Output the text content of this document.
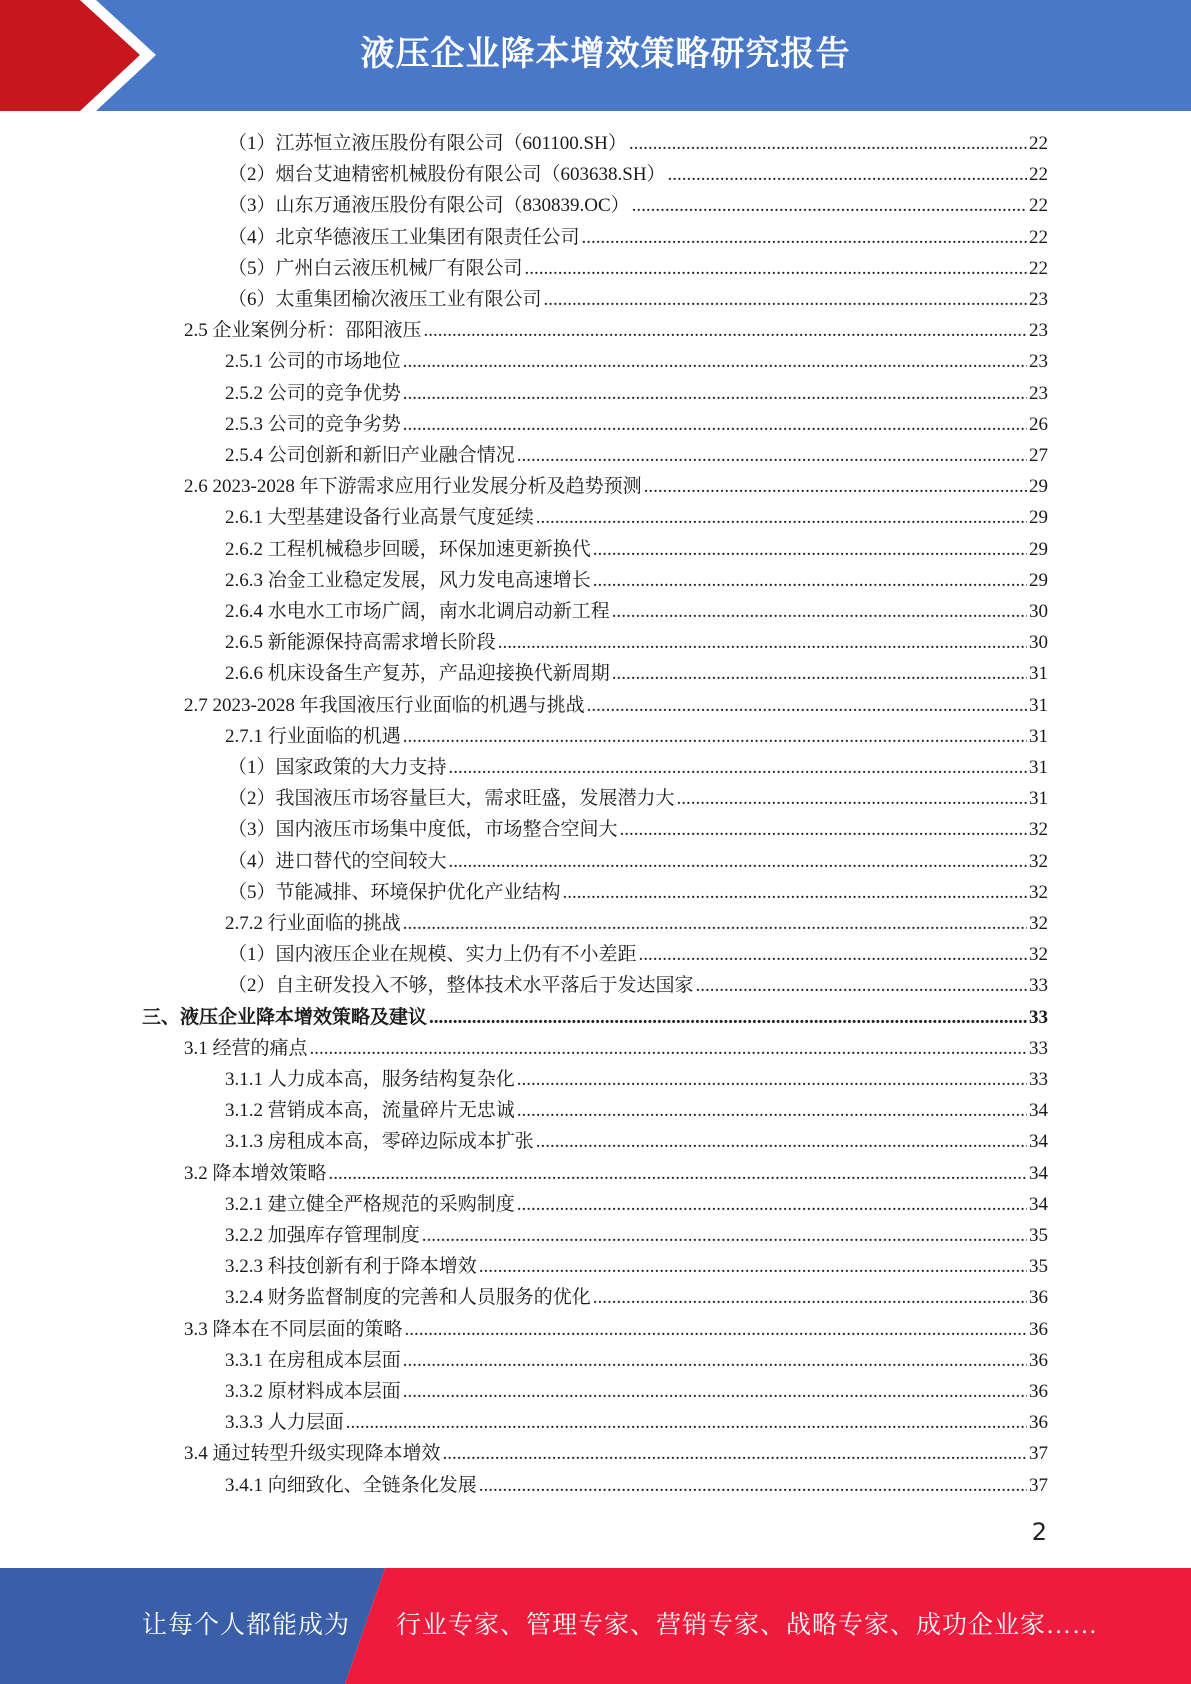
液压企业降本增效策略研究报告
（1）江苏恒立液压股份有限公司（601100.SH） .....	22
（2）烟台艾迪精密机械股份有限公司（603638.SH） .....	22
（3）山东万通液压股份有限公司（830839.OC） .....	22
（4）北京华德液压工业集团有限责任公司 .....	22
（5）广州白云液压机械厂有限公司 .....	22
（6）太重集团榆次液压工业有限公司 .....	23
2.5 企业案例分析：邵阳液压 .....	23
2.5.1 公司的市场地位 .....	23
2.5.2 公司的竞争优势 .....	23
2.5.3 公司的竞争劣势 .....	26
2.5.4 公司创新和新旧产业融合情况 .....	27
2.6 2023-2028 年下游需求应用行业发展分析及趋势预测 .....	29
2.6.1 大型基建设备行业高景气度延续 .....	29
2.6.2 工程机械稳步回暖，环保加速更新换代 .....	29
2.6.3 冶金工业稳定发展，风力发电高速增长 .....	29
2.6.4 水电水工市场广阔，南水北调启动新工程 .....	30
2.6.5 新能源保持高需求增长阶段 .....	30
2.6.6 机床设备生产复苏，产品迎接换代新周期 .....	31
2.7 2023-2028 年我国液压行业面临的机遇与挑战 .....	31
2.7.1 行业面临的机遇 .....	31
（1）国家政策的大力支持 .....	31
（2）我国液压市场容量巨大，需求旺盛，发展潜力大 .....	31
（3）国内液压市场集中度低，市场整合空间大 .....	32
（4）进口替代的空间较大 .....	32
（5）节能减排、环境保护优化产业结构 .....	32
2.7.2 行业面临的挑战 .....	32
（1）国内液压企业在规模、实力上仍有不小差距 .....	32
（2）自主研发投入不够，整体技术水平落后于发达国家 .....	33
三、液压企业降本增效策略及建议 .....	33
3.1 经营的痛点 .....	33
3.1.1 人力成本高，服务结构复杂化 .....	33
3.1.2 营销成本高，流量碎片无忠诚 .....	34
3.1.3 房租成本高，零碎边际成本扩张 .....	34
3.2 降本增效策略 .....	34
3.2.1 建立健全严格规范的采购制度 .....	34
3.2.2 加强库存管理制度 .....	35
3.2.3 科技创新有利于降本增效 .....	35
3.2.4 财务监督制度的完善和人员服务的优化 .....	36
3.3 降本在不同层面的策略 .....	36
3.3.1 在房租成本层面 .....	36
3.3.2 原材料成本层面 .....	36
3.3.3 人力层面 .....	36
3.4 通过转型升级实现降本增效 .....	37
3.4.1 向细致化、全链条化发展 .....	37
2
让每个人都能成为 行业专家、管理专家、营销专家、战略专家、成功企业家……
